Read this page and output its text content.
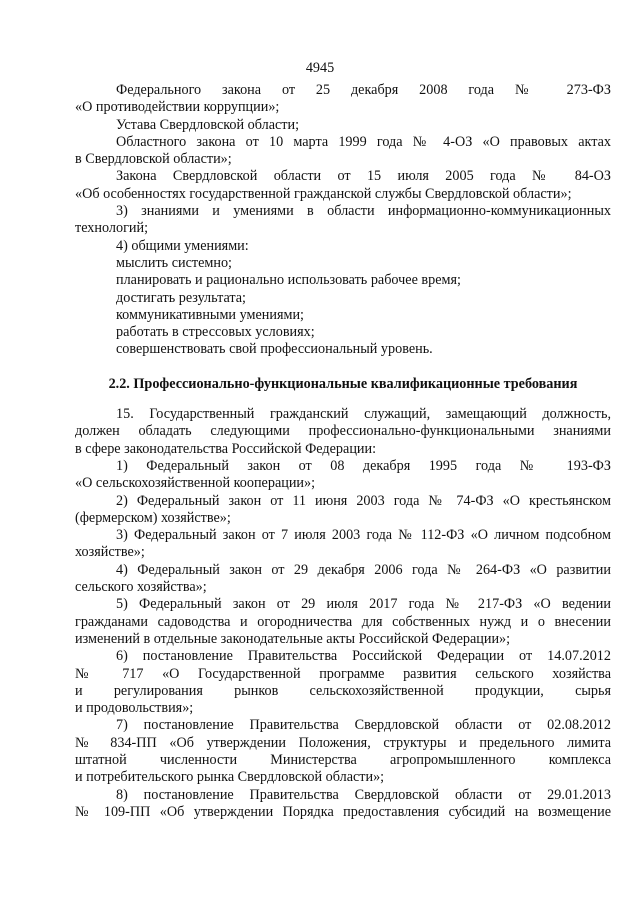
4945

Федерального закона от 25 декабря 2008 года № 273-ФЗ

«О противодействии коррупции»;

Устава Свердловской области;

Областного закона от 10 марта 1999 года № 4-ОЗ «О правовых актах

в Свердловской области»;

Закона Свердловской области от 15 июля 2005 года № 84-ОЗ

«Об особенностях государственной гражданской службы Свердловской области»;

3) знаниями и умениями в области информационно-коммуникационных

технологий;

4) общими умениями:

мыслить системно;

планировать и рационально использовать рабочее время;

достигать результата;

коммуникативными умениями;

работать в стрессовых условиях;

совершенствовать свой профессиональный уровень.

2.2. Профессионально-функциональные квалификационные требования

15. Государственный гражданский служащий, замещающий должность,

должен обладать следующими профессионально-функциональными знаниями

в сфере законодательства Российской Федерации:

1) Федеральный закон от 08 декабря 1995 года № 193-ФЗ

«О сельскохозяйственной кооперации»;

2) Федеральный закон от 11 июня 2003 года № 74-ФЗ «О крестьянском

(фермерском) хозяйстве»;

3) Федеральный закон от 7 июля 2003 года № 112-ФЗ «О личном подсобном

хозяйстве»;

4) Федеральный закон от 29 декабря 2006 года № 264-ФЗ «О развитии

сельского хозяйства»;

5) Федеральный закон от 29 июля 2017 года № 217-ФЗ «О ведении

гражданами садоводства и огородничества для собственных нужд и о внесении

изменений в отдельные законодательные акты Российской Федерации»;

6) постановление Правительства Российской Федерации от 14.07.2012

№ 717 «О Государственной программе развития сельского хозяйства

и регулирования рынков сельскохозяйственной продукции, сырья

и продовольствия»;

7) постановление Правительства Свердловской области от 02.08.2012

№ 834-ПП «Об утверждении Положения, структуры и предельного лимита

штатной численности Министерства агропромышленного комплекса

и потребительского рынка Свердловской области»;

8) постановление Правительства Свердловской области от 29.01.2013

№ 109-ПП «Об утверждении Порядка предоставления субсидий на возмещение
